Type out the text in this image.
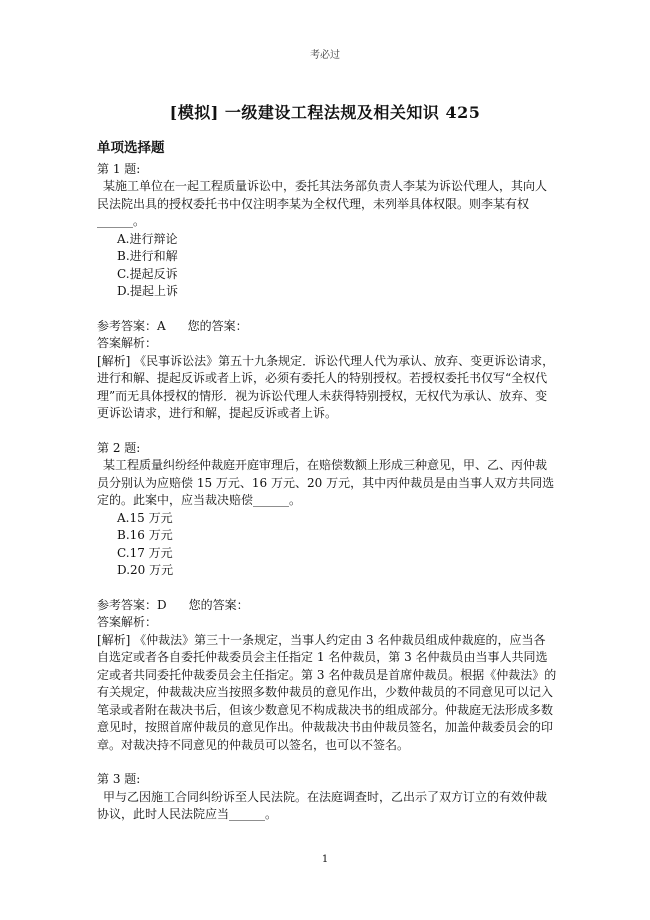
考必过
[模拟] 一级建设工程法规及相关知识 425
单项选择题

第 1 题:

某施工单位在一起工程质量诉讼中，委托其法务部负责人李某为诉讼代理人，其向人民法院出具的授权委托书中仅注明李某为全权代理，未列举具体权限。则李某有权______。

A.进行辩论

B.进行和解

C.提起反诉

D.提起上诉

参考答案：A 您的答案：

答案解析：

[解析] 《民事诉讼法》第五十九条规定．诉讼代理人代为承认、放弃、变更诉讼请求，进行和解、提起反诉或者上诉，必须有委托人的特别授权。若授权委托书仅写“全权代理”而无具体授权的情形．视为诉讼代理人未获得特别授权，无权代为承认、放弃、变更诉讼请求，进行和解，提起反诉或者上诉。

第 2 题:

某工程质量纠纷经仲裁庭开庭审理后，在赔偿数额上形成三种意见，甲、乙、丙仲裁员分别认为应赔偿 15 万元、16 万元、20 万元，其中丙仲裁员是由当事人双方共同选定的。此案中，应当裁决赔偿______。

A.15 万元

B.16 万元

C.17 万元

D.20 万元

参考答案：D 您的答案：

答案解析：

[解析] 《仲裁法》第三十一条规定，当事人约定由 3 名仲裁员组成仲裁庭的，应当各自选定或者各自委托仲裁委员会主任指定 1 名仲裁员，第 3 名仲裁员由当事人共同选定或者共同委托仲裁委员会主任指定。第 3 名仲裁员是首席仲裁员。根据《仲裁法》的有关规定，仲裁裁决应当按照多数仲裁员的意见作出，少数仲裁员的不同意见可以记入笔录或者附在裁决书后，但该少数意见不构成裁决书的组成部分。仲裁庭无法形成多数意见时，按照首席仲裁员的意见作出。仲裁裁决书由仲裁员签名，加盖仲裁委员会的印章。对裁决持不同意见的仲裁员可以签名，也可以不签名。

第 3 题:

甲与乙因施工合同纠纷诉至人民法院。在法庭调查时，乙出示了双方订立的有效仲裁协议，此时人民法院应当______。

1
